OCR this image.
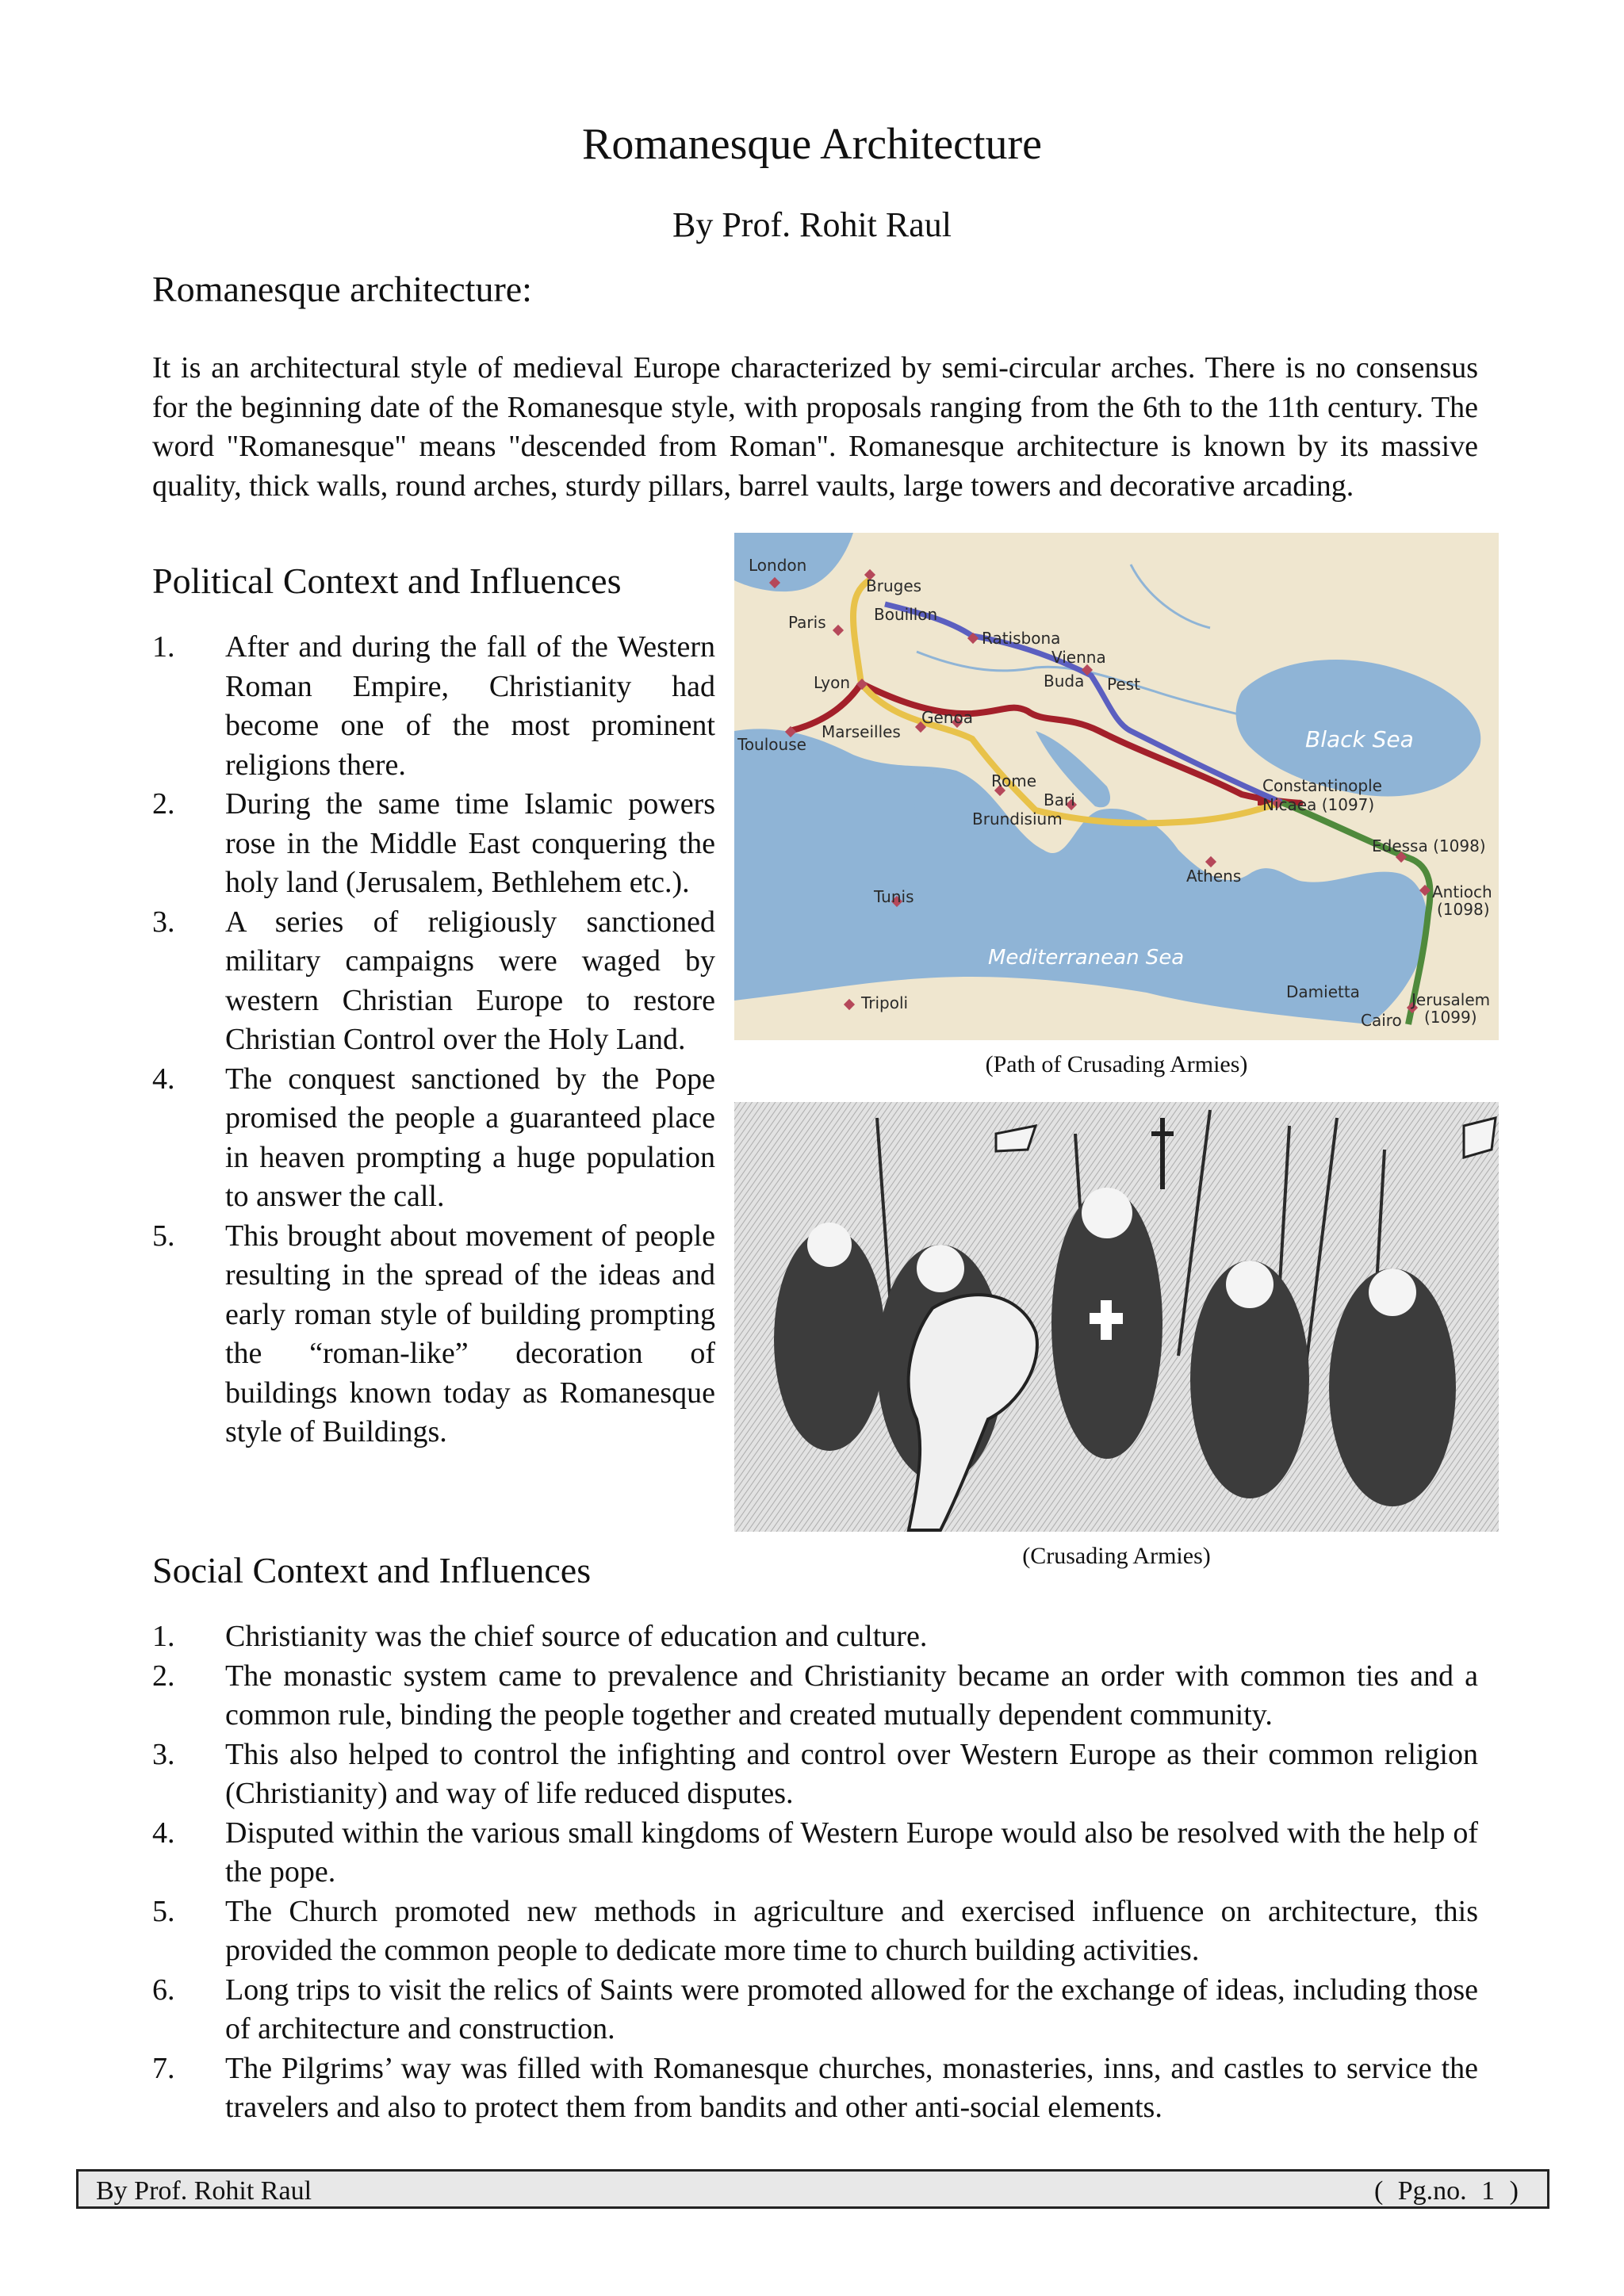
Romanesque Architecture
By Prof. Rohit Raul
Romanesque architecture:
It is an architectural style of medieval Europe characterized by semi-circular arches. There is no consensus for the beginning date of the Romanesque style, with proposals ranging from the 6th to the 11th century. The word "Romanesque" means "descended from Roman". Romanesque architecture is known by its massive quality, thick walls, round arches, sturdy pillars, barrel vaults, large towers and decorative arcading.
Political Context and Influences
1. After and during the fall of the Western Roman Empire, Christianity had become one of the most prominent religions there.
2. During the same time Islamic powers rose in the Middle East conquering the holy land (Jerusalem, Bethlehem etc.).
3. A series of religiously sanctioned military campaigns were waged by western Christian Europe to restore Christian Control over the Holy Land.
4. The conquest sanctioned by the Pope promised the people a guaranteed place in heaven prompting a huge population to answer the call.
5. This brought about movement of people resulting in the spread of the ideas and early roman style of building prompting the “roman-like” decoration of buildings known today as Romanesque style of Buildings.
London
Bruges
Bouillon
Paris
Ratisbona
Vienna
Buda Pest
Lyon
Marseilles
Genoa
Toulouse
Rome
Bari
Brundisium
Black Sea
Constantinople
Nicaea (1097)
Edessa (1098)
Athens
Antioch
(1098)
Tunis
Mediterranean Sea
Tripoli
Damietta	Jerusalem
(1099)
Cairo
(Path of Crusading Armies)
(Crusading Armies)
Social Context and Influences
1. Christianity was the chief source of education and culture.
2. The monastic system came to prevalence and Christianity became an order with common ties and a common rule, binding the people together and created mutually dependent community.
3. This also helped to control the infighting and control over Western Europe as their common religion (Christianity) and way of life reduced disputes.
4. Disputed within the various small kingdoms of Western Europe would also be resolved with the help of the pope.
5. The Church promoted new methods in agriculture and exercised influence on architecture, this provided the common people to dedicate more time to church building activities.
6. Long trips to visit the relics of Saints were promoted allowed for the exchange of ideas, including those of architecture and construction.
7. The Pilgrims’ way was filled with Romanesque churches, monasteries, inns, and castles to service the travelers and also to protect them from bandits and other anti-social elements.
By Prof. Rohit Raul	( Pg.no. 1 )
